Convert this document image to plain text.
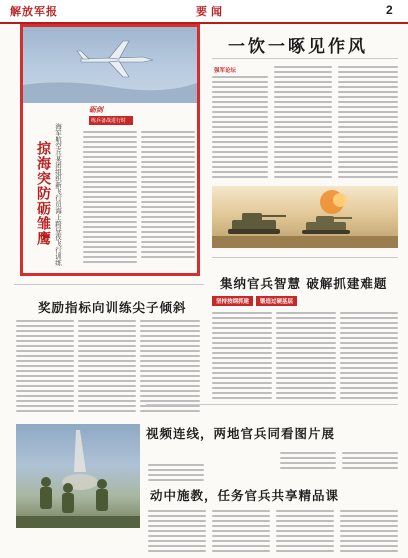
解放军报	要闻	2
砺剑
练兵备战进行时
掠海突防砺雏鹰 海军航空兵某团组织新飞行员海上跨昼夜飞行训练
一饮一啄见作风
强军论坛
集纳官兵智慧 破解抓建难题
坚持按纲抓建	锻造过硬基层
奖励指标向训练尖子倾斜
视频连线，两地官兵同看图片展
动中施教，任务官兵共享精品课
